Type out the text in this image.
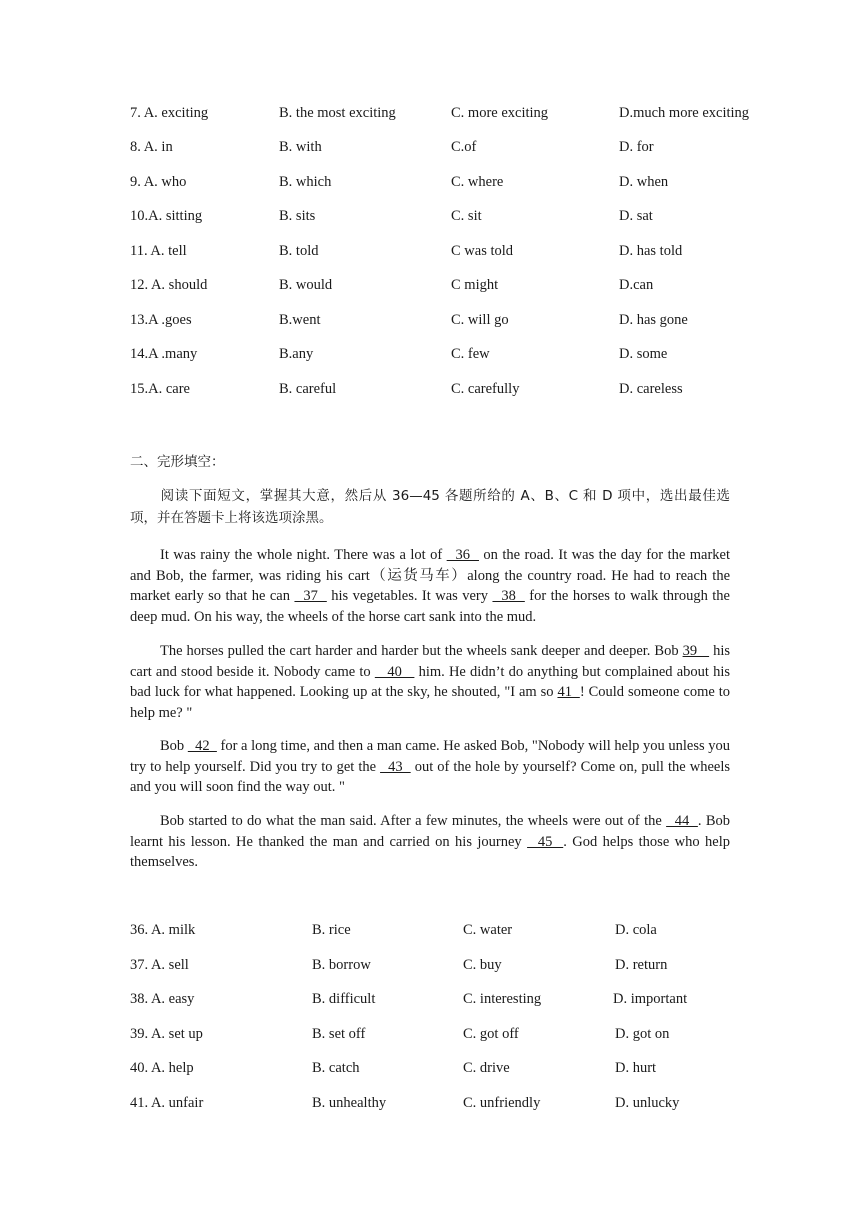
7. A. exciting	B. the most exciting	C. more exciting	D.much more exciting
8. A. in	B. with	C.of	D. for
9. A. who	B. which	C. where	D. when
10.A. sitting	B. sits	C. sit	D. sat
11. A. tell	B. told	C was told	D. has told
12. A. should	B. would	C might	D.can
13.A .goes	B.went	C. will go	D. has gone
14.A .many	B.any	C. few	D. some
15.A. care	B. careful	C. carefully	D. careless
二、完形填空：
阅读下面短文，掌握其大意，然后从 36—45 各题所给的 A、B、C 和 D 项中，选出最佳选项，并在答题卡上将该选项涂黑。
It was rainy the whole night. There was a lot of   36   on the road. It was the day for the market and Bob, the farmer, was riding his cart（运货马车）along the country road. He had to reach the market early so that he can   37   his vegetables. It was very   38   for the horses to walk through the deep mud. On his way, the wheels of the horse cart sank into the mud.
The horses pulled the cart harder and harder but the wheels sank deeper and deeper. Bob 39    his cart and stood beside it. Nobody came to    40    him. He didn’t do anything but complained about his bad luck for what happened. Looking up at the sky, he shouted, "I am so 41  ! Could someone come to help me? "
Bob   42   for a long time, and then a man came. He asked Bob, "Nobody will help you unless you try to help yourself. Did you try to get the   43   out of the hole by yourself? Come on, pull the wheels and you will soon find the way out. "
Bob started to do what the man said. After a few minutes, the wheels were out of the   44  . Bob learnt his lesson. He thanked the man and carried on his journey   45  . God helps those who help themselves.
36. A. milk	B. rice	C. water	D. cola
37. A. sell	B. borrow	C. buy	D. return
38. A. easy	B. difficult	C. interesting	D. important
39. A. set up	B. set off	C. got off	D. got on
40. A. help	B. catch	C. drive	D. hurt
41. A. unfair	B. unhealthy	C. unfriendly	D. unlucky
